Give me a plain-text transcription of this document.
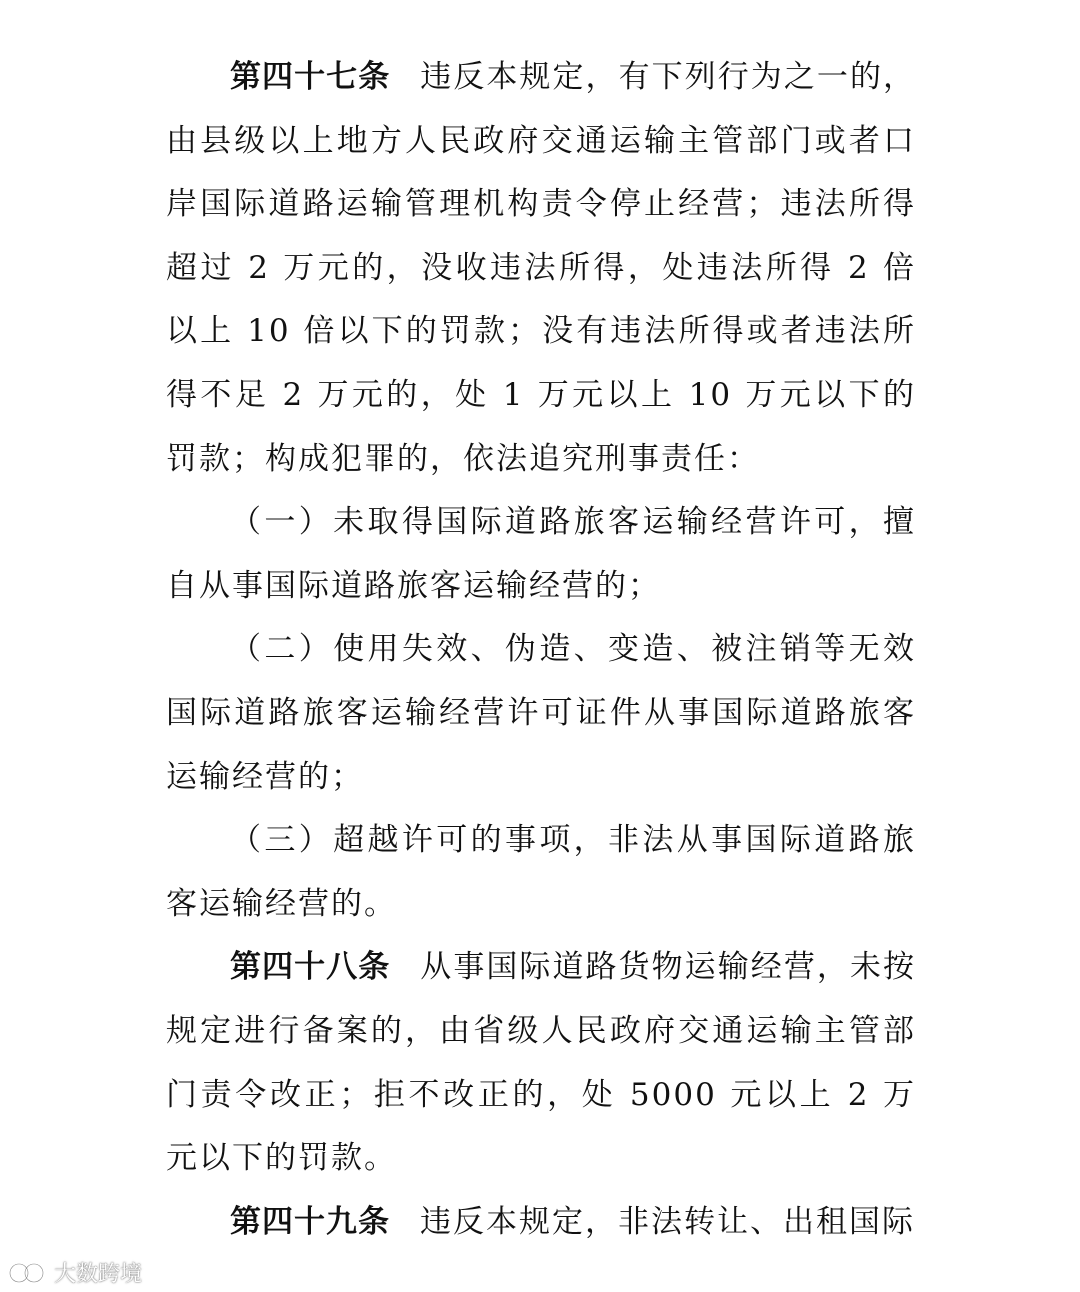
第四十七条 违反本规定，有下列行为之一的，由县级以上地方人民政府交通运输主管部门或者口岸国际道路运输管理机构责令停止经营；违法所得超过 2 万元的，没收违法所得，处违法所得 2 倍以上 10 倍以下的罚款；没有违法所得或者违法所得不足 2 万元的，处 1 万元以上 10 万元以下的罚款；构成犯罪的，依法追究刑事责任：

（一）未取得国际道路旅客运输经营许可，擅自从事国际道路旅客运输经营的；

（二）使用失效、伪造、变造、被注销等无效国际道路旅客运输经营许可证件从事国际道路旅客运输经营的；

（三）超越许可的事项，非法从事国际道路旅客运输经营的。

第四十八条 从事国际道路货物运输经营，未按规定进行备案的，由省级人民政府交通运输主管部门责令改正；拒不改正的，处 5000 元以上 2 万元以下的罚款。

第四十九条 违反本规定，非法转让、出租国际

大数跨境
